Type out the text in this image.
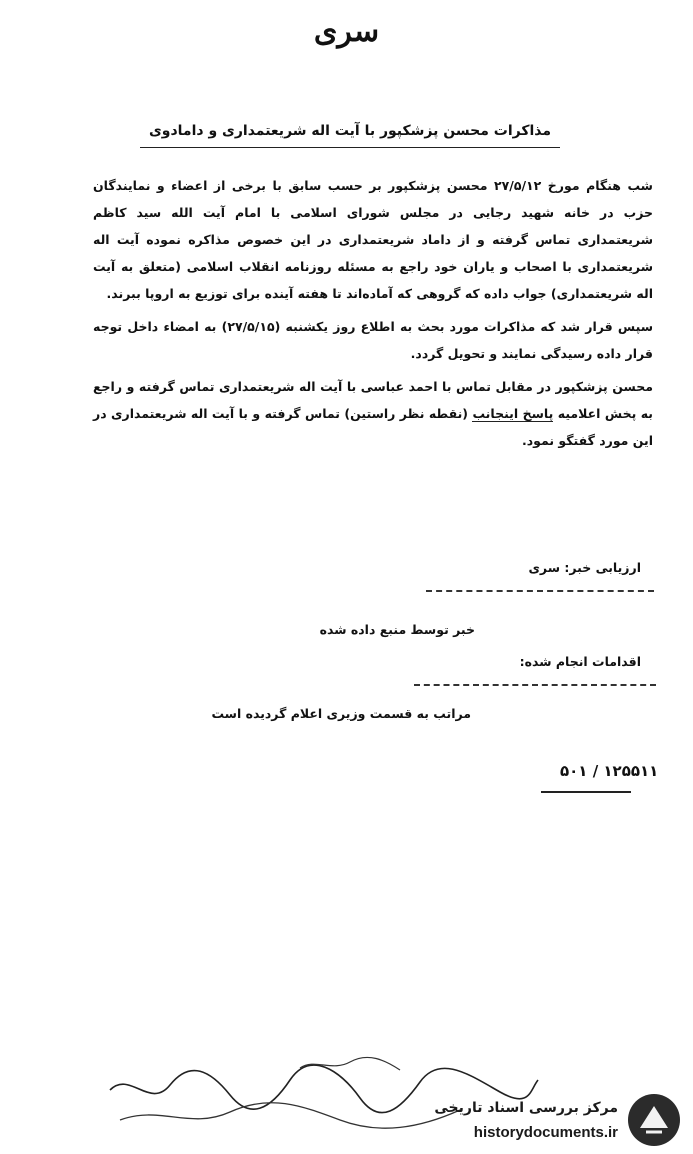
سری
مذاکرات محسن پزشکپور با آیت اله شریعتمداری و دامادوی

شب هنگام مورخ ۲۷/۵/۱۲ محسن پزشکپور بر حسب سابق با برخی از اعضاء و نمایندگان حزب در خانه شهید رجایی در مجلس شورای اسلامی با امام آیت الله سید کاظم شریعتمداری تماس گرفته و از داماد شریعتمداری در این خصوص مذاکره نموده آیت اله شریعتمداری با اصحاب و یاران خود راجع به مسئله روزنامه انقلاب اسلامی (متعلق به آیت اله شریعتمداری) جواب داده که گروهی که آماده‌اند تا هفته آینده برای توزیع به اروپا ببرند.

سپس قرار شد که مذاکرات مورد بحث به اطلاع روز یکشنبه (۲۷/۵/۱۵) به امضاء داخل توجه قرار داده رسیدگی نمایند و تحویل گردد.

محسن پزشکپور در مقابل تماس با احمد عباسی با آیت اله شریعتمداری تماس گرفته و راجع به پخش اعلامیه پاسخ اینجانب (نقطه نظر راستین) تماس گرفته و با آیت اله شریعتمداری در این مورد گفتگو نمود.

ارزیابی خبر: سری
خبر توسط منبع داده شده
اقدامات انجام شده:
مراتب به قسمت وزیری اعلام گردیده است
۵۰۱ / ۱۲۵۵۱۱
مرکز بررسی اسناد تاریخی
historydocuments.ir
